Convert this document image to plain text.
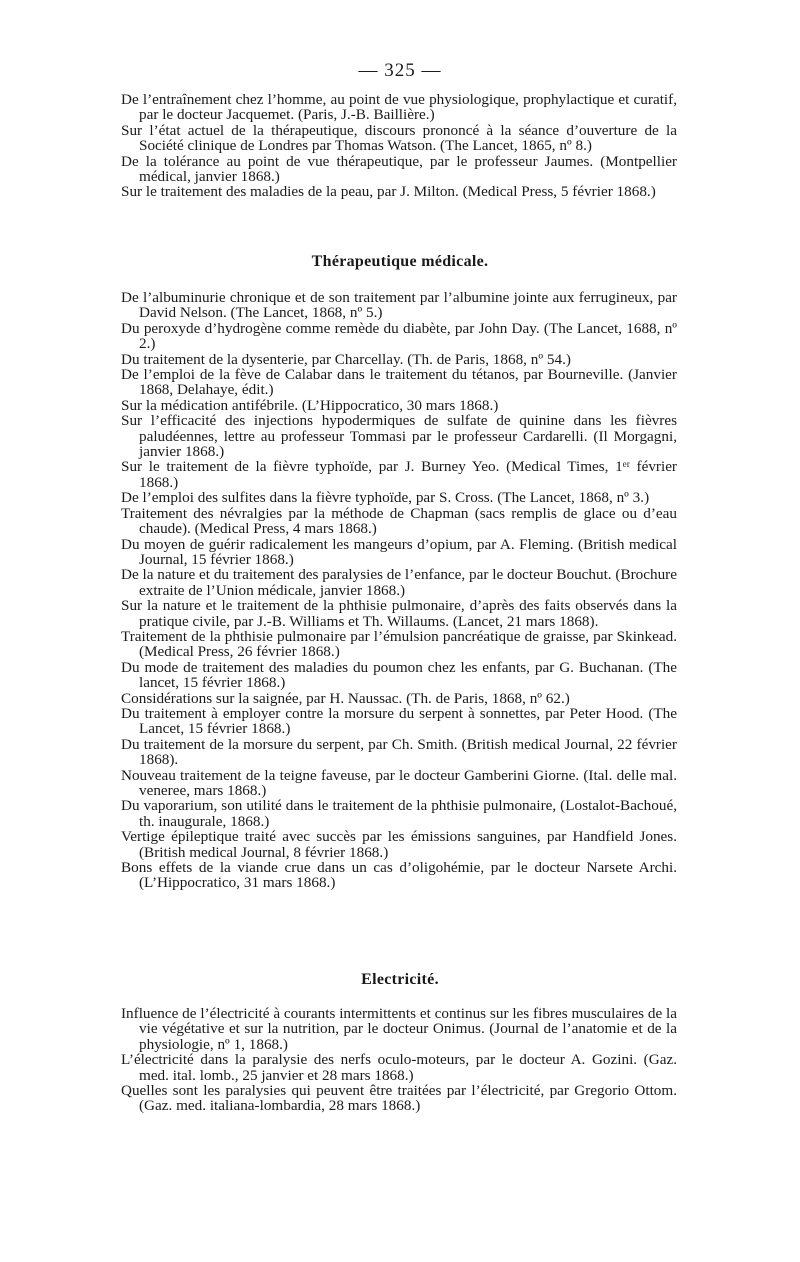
— 325 —

De l’entraînement chez l’homme, au point de vue physiologique, prophylactique et curatif, par le docteur Jacquemet. (Paris, J.-B. Baillière.)

Sur l’état actuel de la thérapeutique, discours prononcé à la séance d’ouverture de la Société clinique de Londres par Thomas Watson. (The Lancet, 1865, nº 8.)

De la tolérance au point de vue thérapeutique, par le professeur Jaumes. (Montpellier médical, janvier 1868.)

Sur le traitement des maladies de la peau, par J. Milton. (Medical Press, 5 février 1868.)

Thérapeutique médicale.

De l’albuminurie chronique et de son traitement par l’albumine jointe aux ferrugineux, par David Nelson. (The Lancet, 1868, nº 5.)

Du peroxyde d’hydrogène comme remède du diabète, par John Day. (The Lancet, 1688, nº 2.)

Du traitement de la dysenterie, par Charcellay. (Th. de Paris, 1868, nº 54.)

De l’emploi de la fève de Calabar dans le traitement du tétanos, par Bourneville. (Janvier 1868, Delahaye, édit.)

Sur la médication antifébrile. (L’Hippocratico, 30 mars 1868.)

Sur l’efficacité des injections hypodermiques de sulfate de quinine dans les fièvres paludéennes, lettre au professeur Tommasi par le professeur Cardarelli. (Il Morgagni, janvier 1868.)

Sur le traitement de la fièvre typhoïde, par J. Burney Yeo. (Medical Times, 1ᵉʳ février 1868.)

De l’emploi des sulfites dans la fièvre typhoïde, par S. Cross. (The Lancet, 1868, nº 3.)

Traitement des névralgies par la méthode de Chapman (sacs remplis de glace ou d’eau chaude). (Medical Press, 4 mars 1868.)

Du moyen de guérir radicalement les mangeurs d’opium, par A. Fleming. (British medical Journal, 15 février 1868.)

De la nature et du traitement des paralysies de l’enfance, par le docteur Bouchut. (Brochure extraite de l’Union médicale, janvier 1868.)

Sur la nature et le traitement de la phthisie pulmonaire, d’après des faits observés dans la pratique civile, par J.-B. Williams et Th. Willaums. (Lancet, 21 mars 1868).

Traitement de la phthisie pulmonaire par l’émulsion pancréatique de graisse, par Skinkead. (Medical Press, 26 février 1868.)

Du mode de traitement des maladies du poumon chez les enfants, par G. Buchanan. (The lancet, 15 février 1868.)

Considérations sur la saignée, par H. Naussac. (Th. de Paris, 1868, nº 62.)

Du traitement à employer contre la morsure du serpent à sonnettes, par Peter Hood. (The Lancet, 15 février 1868.)

Du traitement de la morsure du serpent, par Ch. Smith. (British medical Journal, 22 février 1868).

Nouveau traitement de la teigne faveuse, par le docteur Gamberini Giorne. (Ital. delle mal. veneree, mars 1868.)

Du vaporarium, son utilité dans le traitement de la phthisie pulmonaire, (Lostalot-Bachoué, th. inaugurale, 1868.)

Vertige épileptique traité avec succès par les émissions sanguines, par Handfield Jones. (British medical Journal, 8 février 1868.)

Bons effets de la viande crue dans un cas d’oligohémie, par le docteur Narsete Archi. (L’Hippocratico, 31 mars 1868.)

Electricité.

Influence de l’électricité à courants intermittents et continus sur les fibres musculaires de la vie végétative et sur la nutrition, par le docteur Onimus. (Journal de l’anatomie et de la physiologie, nº 1, 1868.)

L’électricité dans la paralysie des nerfs oculo-moteurs, par le docteur A. Gozini. (Gaz. med. ital. lomb., 25 janvier et 28 mars 1868.)

Quelles sont les paralysies qui peuvent être traitées par l’électricité, par Gregorio Ottom. (Gaz. med. italiana-lombardia, 28 mars 1868.)
